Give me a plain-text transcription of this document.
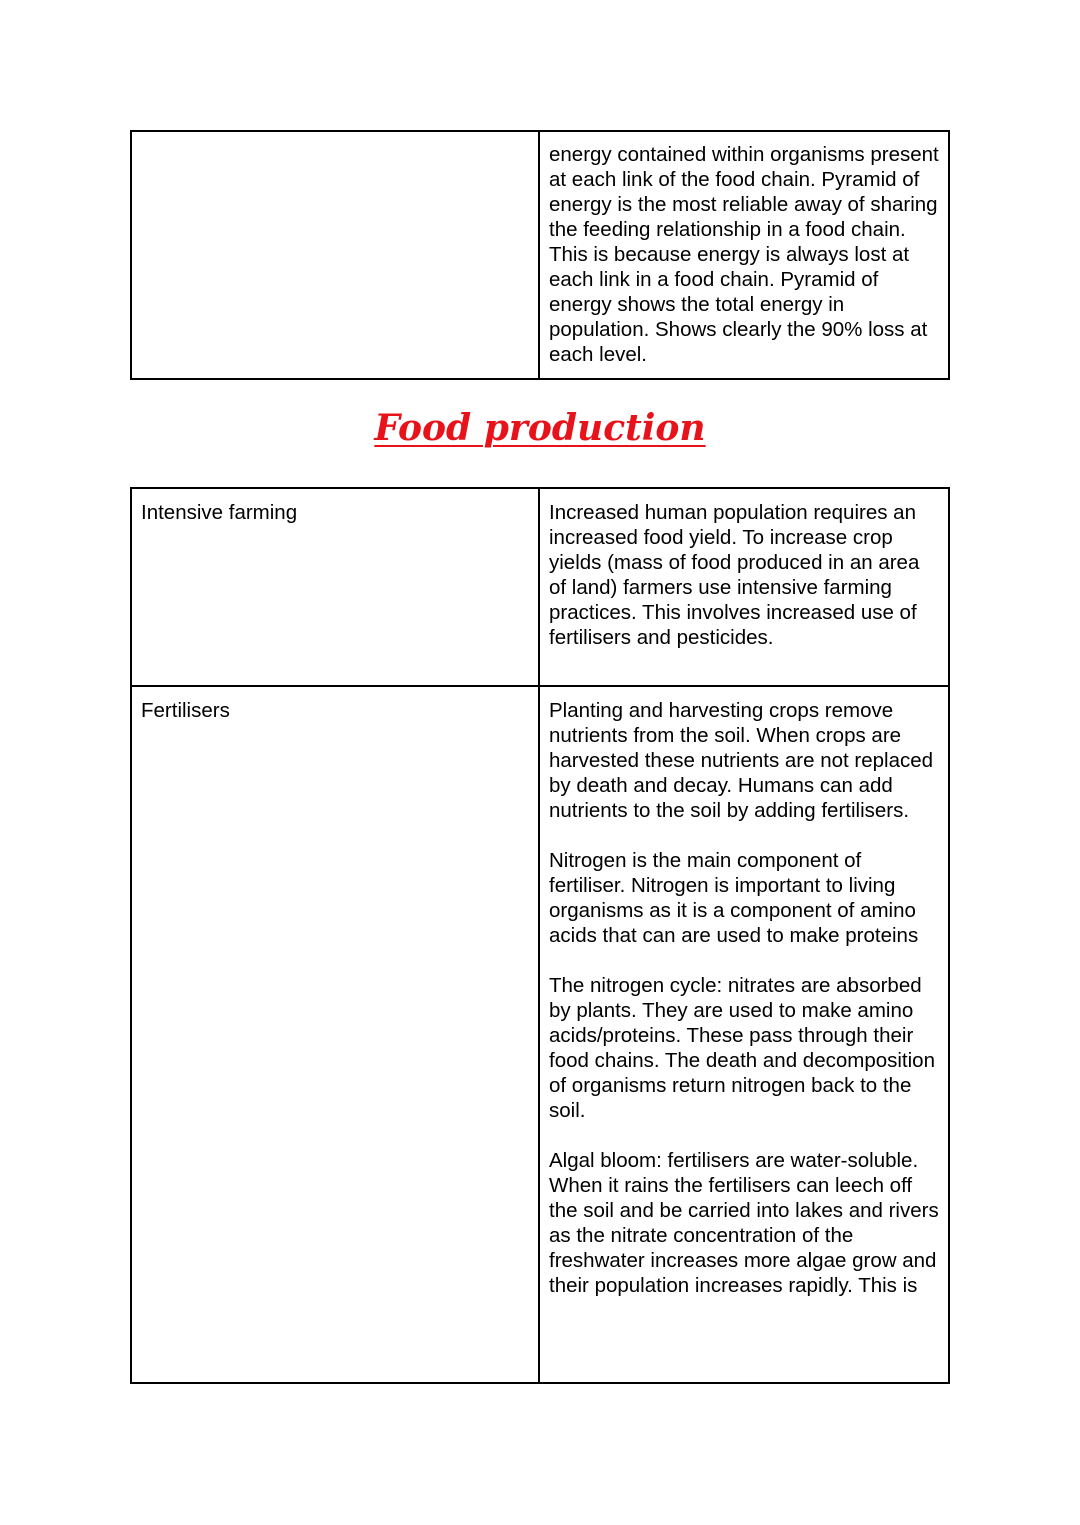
	energy contained within organisms present at each link of the food chain. Pyramid of energy is the most reliable away of sharing the feeding relationship in a food chain. This is because energy is always lost at each link in a food chain. Pyramid of energy shows the total energy in population. Shows clearly the 90% loss at each level.
Food production
Intensive farming	Increased human population requires an increased food yield. To increase crop yields (mass of food produced in an area of land) farmers use intensive farming practices. This involves increased use of fertilisers and pesticides.

Fertilisers	Planting and harvesting crops remove nutrients from the soil. When crops are harvested these nutrients are not replaced by death and decay. Humans can add nutrients to the soil by adding fertilisers.

Nitrogen is the main component of fertiliser. Nitrogen is important to living organisms as it is a component of amino acids that can are used to make proteins

The nitrogen cycle: nitrates are absorbed by plants. They are used to make amino acids/proteins. These pass through their food chains. The death and decomposition of organisms return nitrogen back to the soil.

Algal bloom: fertilisers are water-soluble. When it rains the fertilisers can leech off the soil and be carried into lakes and rivers as the nitrate concentration of the freshwater increases more algae grow and their population increases rapidly. This is
